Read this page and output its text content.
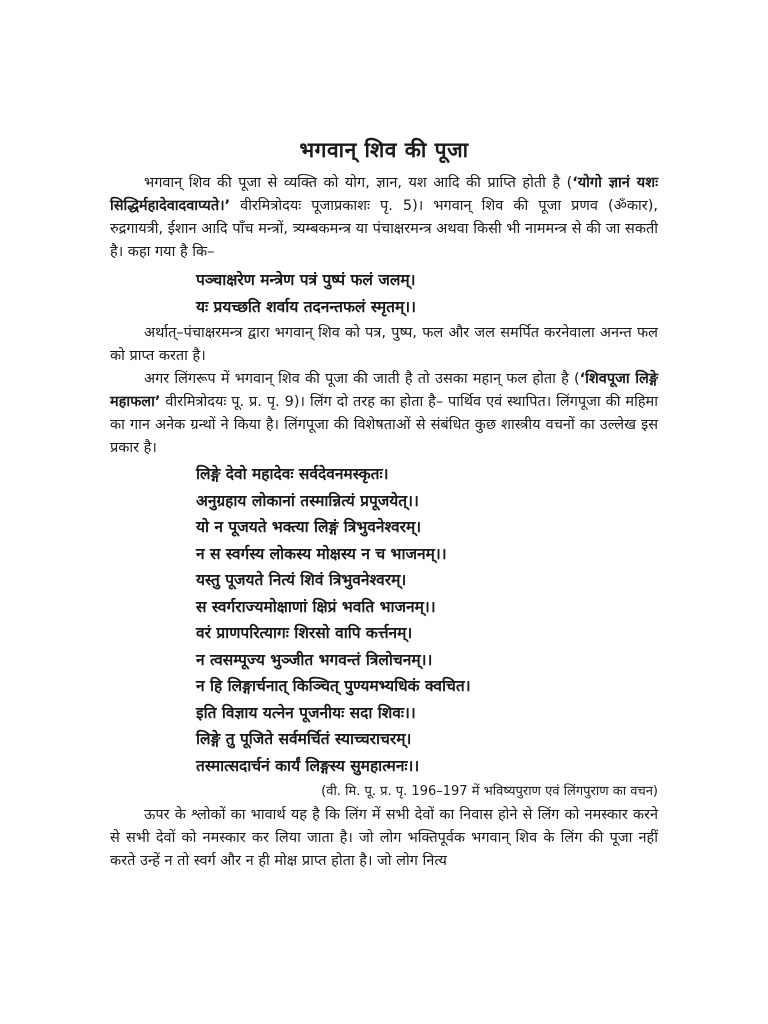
भगवान् शिव की पूजा

भगवान् शिव की पूजा से व्यक्ति को योग, ज्ञान, यश आदि की प्राप्ति होती है (‘योगो ज्ञानं यशः सिद्धिर्महादेवादवाप्यते।’ वीरमित्रोदयः पूजाप्रकाशः पृ. 5)। भगवान् शिव की पूजा प्रणव (ॐकार), रुद्रगायत्री, ईशान आदि पाँच मन्त्रों, त्र्यम्बकमन्त्र या पंचाक्षरमन्त्र अथवा किसी भी नाममन्त्र से की जा सकती है। कहा गया है कि–

पञ्चाक्षरेण मन्त्रेण पत्रं पुष्पं फलं जलम्।

यः प्रयच्छति शर्वाय तदनन्तफलं स्मृतम्।।

अर्थात्–पंचाक्षरमन्त्र द्वारा भगवान् शिव को पत्र, पुष्प, फल और जल समर्पित करनेवाला अनन्त फल को प्राप्त करता है।

अगर लिंगरूप में भगवान् शिव की पूजा की जाती है तो उसका महान् फल होता है (‘शिवपूजा लिङ्गे महाफला’ वीरमित्रोदयः पू. प्र. पृ. 9)। लिंग दो तरह का होता है– पार्थिव एवं स्थापित। लिंगपूजा की महिमा का गान अनेक ग्रन्थों ने किया है। लिंगपूजा की विशेषताओं से संबंधित कुछ शास्त्रीय वचनों का उल्लेख इस प्रकार है।

लिङ्गे देवो महादेवः सर्वदेवनमस्कृतः।

अनुग्रहाय लोकानां तस्मान्नित्यं प्रपूजयेत्।।

यो न पूजयते भक्त्या लिङ्गं त्रिभुवनेश्वरम्।

न स स्वर्गस्य लोकस्य मोक्षस्य न च भाजनम्।।

यस्तु पूजयते नित्यं शिवं त्रिभुवनेश्वरम्।

स स्वर्गराज्यमोक्षाणां क्षिप्रं भवति भाजनम्।।

वरं प्राणपरित्यागः शिरसो वापि कर्त्तनम्।

न त्वसम्पूज्य भुञ्जीत भगवन्तं त्रिलोचनम्।।

न हि लिङ्गार्चनात् किञ्चित् पुण्यमभ्यधिकं क्वचित।

इति विज्ञाय यत्नेन पूजनीयः सदा शिवः।।

लिङ्गे तु पूजिते सर्वमर्चितं स्याच्चराचरम्।

तस्मात्सदार्चनं कार्यं लिङ्गस्य सुमहात्मनः।।

(वी. मि. पू. प्र. पृ. 196–197 में भविष्यपुराण एवं लिंगपुराण का वचन)

ऊपर के श्लोकों का भावार्थ यह है कि लिंग में सभी देवों का निवास होने से लिंग को नमस्कार करने से सभी देवों को नमस्कार कर लिया जाता है। जो लोग भक्तिपूर्वक भगवान् शिव के लिंग की पूजा नहीं करते उन्हें न तो स्वर्ग और न ही मोक्ष प्राप्त होता है। जो लोग नित्य
